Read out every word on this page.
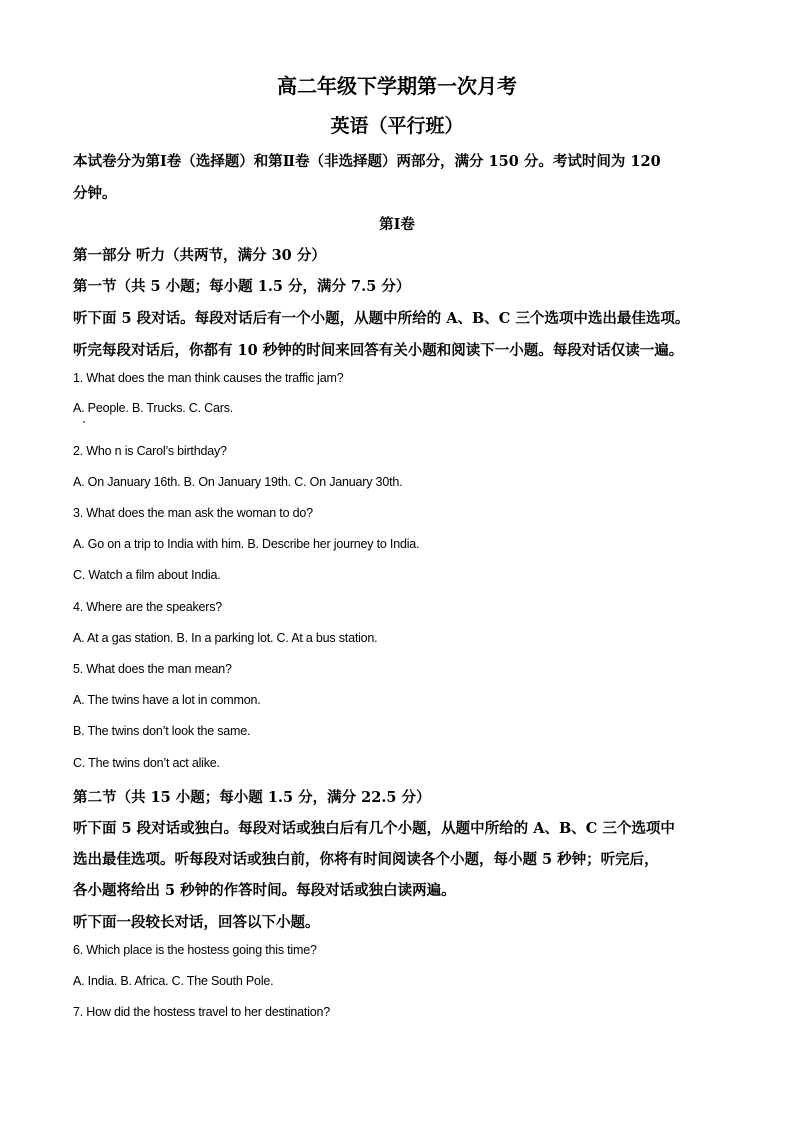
高二年级下学期第一次月考
英语（平行班）
本试卷分为第Ⅰ卷（选择题）和第Ⅱ卷（非选择题）两部分，满分 150 分。考试时间为 120
分钟。
第Ⅰ卷
第一部分 听力（共两节，满分 30 分）
第一节（共 5 小题；每小题 1.5 分，满分 7.5 分）
听下面 5 段对话。每段对话后有一个小题，从题中所给的 A、B、C 三个选项中选出最佳选项。
听完每段对话后，你都有 10 秒钟的时间来回答有关小题和阅读下一小题。每段对话仅读一遍。
1. What does the man think causes the traffic jam?
A. People. B. Trucks. C. Cars.
2. Who n is Carol’s birthday?
A. On January 16th. B. On January 19th. C. On January 30th.
3. What does the man ask the woman to do?
A. Go on a trip to India with him. B. Describe her journey to India.
C. Watch a film about India.
4. Where are the speakers?
A. At a gas station. B. In a parking lot. C. At a bus station.
5. What does the man mean?
A. The twins have a lot in common.
B. The twins don’t look the same.
C. The twins don’t act alike.
第二节（共 15 小题；每小题 1.5 分，满分 22.5 分）
听下面 5 段对话或独白。每段对话或独白后有几个小题，从题中所给的 A、B、C 三个选项中
选出最佳选项。听每段对话或独白前，你将有时间阅读各个小题，每小题 5 秒钟；听完后，
各小题将给出 5 秒钟的作答时间。每段对话或独白读两遍。
听下面一段较长对话，回答以下小题。
6. Which place is the hostess going this time?
A. India. B. Africa. C. The South Pole.
7. How did the hostess travel to her destination?
